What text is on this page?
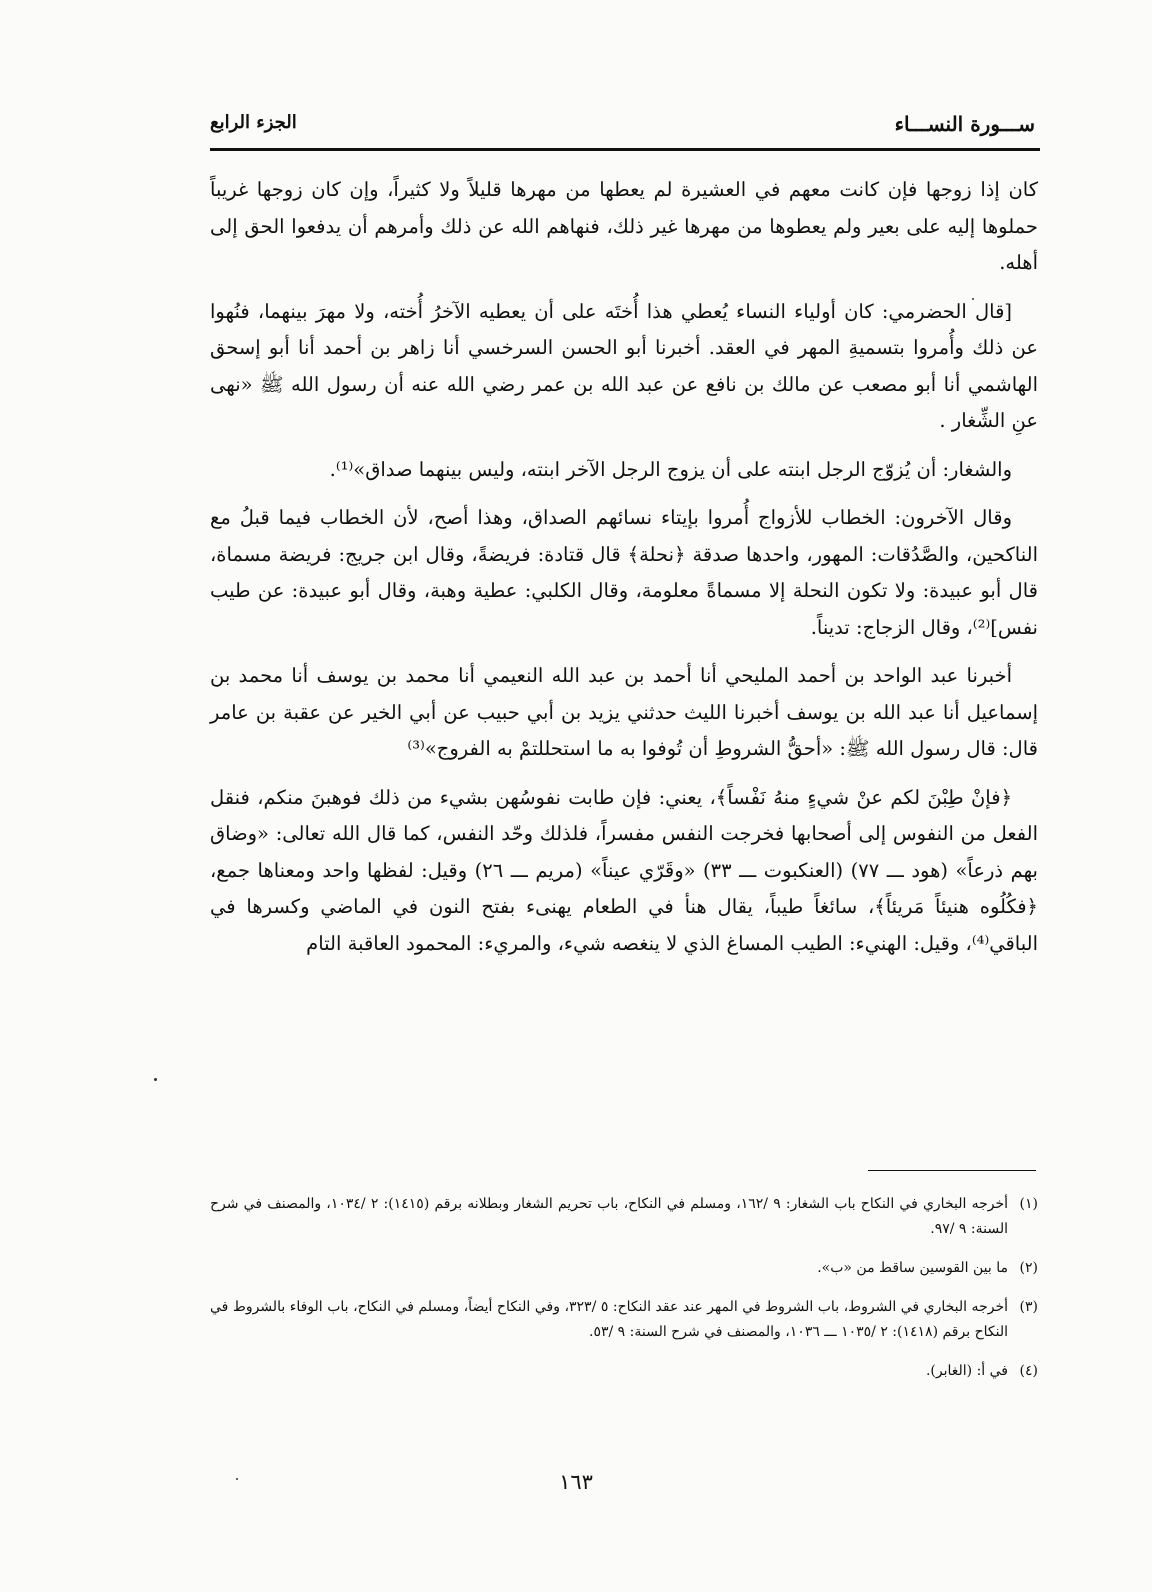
ســـورة النســـاء
الجزء الرابع

كان إذا زوجها فإن كانت معهم في العشيرة لم يعطها من مهرها قليلاً ولا كثيراً، وإن كان زوجها غريباً حملوها إليه على بعير ولم يعطوها من مهرها غير ذلك، فنهاهم الله عن ذلك وأمرهم أن يدفعوا الحق إلى أهله.

[قال الحضرمي: كان أولياء النساء يُعطي هذا أُختَه على أن يعطيه الآخرُ أُخته، ولا مهرَ بينهما، فنُهوا عن ذلك وأُمروا بتسميةِ المهر في العقد. أخبرنا أبو الحسن السرخسي أنا زاهر بن أحمد أنا أبو إسحق الهاشمي أنا أبو مصعب عن مالك بن نافع عن عبد الله بن عمر رضي الله عنه أن رسول الله ﷺ «نهى عنِ الشِّغار .

والشغار: أن يُزوّج الرجل ابنته على أن يزوج الرجل الآخر ابنته، وليس بينهما صداق»⁽¹⁾.

وقال الآخرون: الخطاب للأزواج أُمروا بإيتاء نسائهم الصداق، وهذا أصح، لأن الخطاب فيما قبلُ مع الناكحين، والصَّدُقات: المهور، واحدها صدقة ﴿نحلة﴾ قال قتادة: فريضةً، وقال ابن جريج: فريضة مسماة، قال أبو عبيدة: ولا تكون النحلة إلا مسماةً معلومة، وقال الكلبي: عطية وهبة، وقال أبو عبيدة: عن طيب نفس]⁽²⁾، وقال الزجاج: تديناً.

أخبرنا عبد الواحد بن أحمد المليحي أنا أحمد بن عبد الله النعيمي أنا محمد بن يوسف أنا محمد بن إسماعيل أنا عبد الله بن يوسف أخبرنا الليث حدثني يزيد بن أبي حبيب عن أبي الخير عن عقبة بن عامر قال: قال رسول الله ﷺ: «أحقُّ الشروطِ أن تُوفوا به ما استحللتمْ به الفروج»⁽³⁾

﴿فإنْ طِبْنَ لكم عنْ شيءٍ منهُ نَفْساً﴾، يعني: فإن طابت نفوسُهن بشيء من ذلك فوهبنَ منكم، فنقل الفعل من النفوس إلى أصحابها فخرجت النفس مفسراً، فلذلك وحّد النفس، كما قال الله تعالى: «وضاق بهم ذرعاً» (هود ـــ ٧٧) (العنكبوت ـــ ٣٣) «وقَرّي عيناً» (مريم ـــ ٢٦) وقيل: لفظها واحد ومعناها جمع، ﴿فكُلُوه هنيئاً مَريئاً﴾، سائغاً طيباً، يقال هنأ في الطعام يهنىء بفتح النون في الماضي وكسرها في الباقي⁽⁴⁾، وقيل: الهنيء: الطيب المساغ الذي لا ينغصه شيء، والمريء: المحمود العاقبة التام

(١)
أخرجه البخاري في النكاح باب الشغار: ٩ /١٦٢، ومسلم في النكاح، باب تحريم الشغار وبطلانه برقم (١٤١٥): ٢ /١٠٣٤، والمصنف في شرح السنة: ٩ /٩٧.
(٢)
ما بين القوسين ساقط من «ب».
(٣)
أخرجه البخاري في الشروط، باب الشروط في المهر عند عقد النكاح: ٥ /٣٢٣، وفي النكاح أيضاً، ومسلم في النكاح، باب الوفاء بالشروط في النكاح برقم (١٤١٨): ٢ /١٠٣٥ ـــ ١٠٣٦، والمصنف في شرح السنة: ٩ /٥٣.
(٤)
في أ: (الغابر).
١٦٣
